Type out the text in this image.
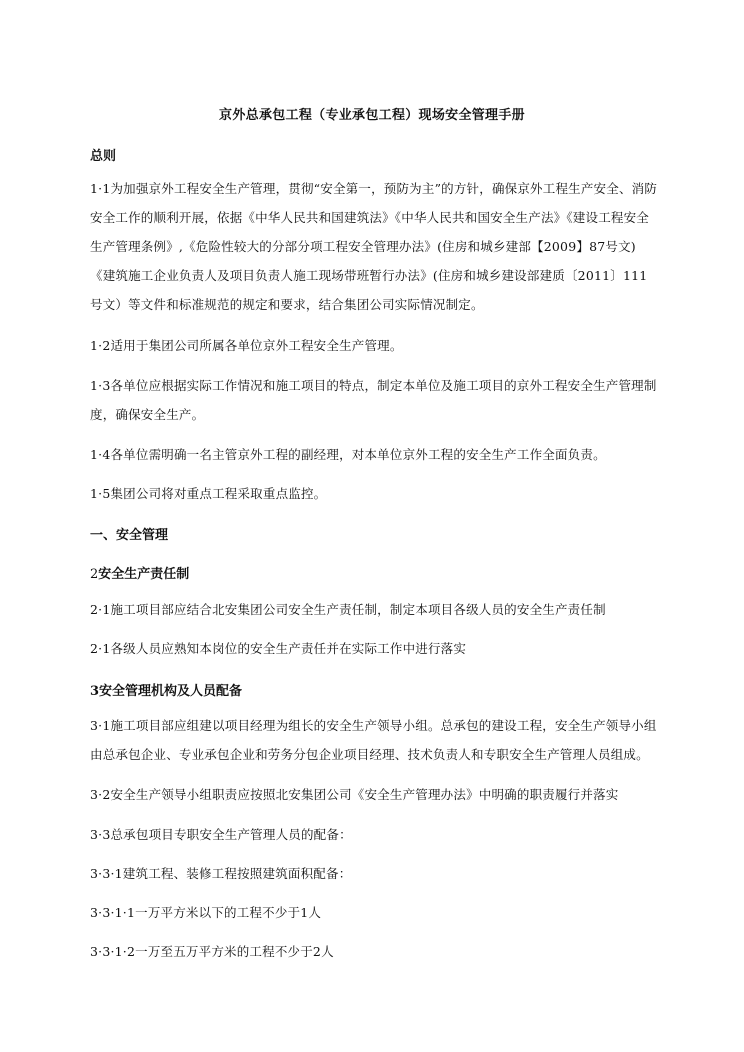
京外总承包工程（专业承包工程）现场安全管理手册
总则
1·1为加强京外工程安全生产管理，贯彻“安全第一，预防为主”的方针，确保京外工程生产安全、消防安全工作的顺利开展，依据《中华人民共和国建筑法》《中华人民共和国安全生产法》《建设工程安全生产管理条例》,《危险性较大的分部分项工程安全管理办法》(住房和城乡建部【2009】87号文)《建筑施工企业负责人及项目负责人施工现场带班暂行办法》(住房和城乡建设部建质〔2011〕111号文）等文件和标准规范的规定和要求，结合集团公司实际情况制定。
1·2适用于集团公司所属各单位京外工程安全生产管理。
1·3各单位应根据实际工作情况和施工项目的特点，制定本单位及施工项目的京外工程安全生产管理制度，确保安全生产。
1·4各单位需明确一名主管京外工程的副经理，对本单位京外工程的安全生产工作全面负责。
1·5集团公司将对重点工程采取重点监控。
一、安全管理
2安全生产责任制
2·1施工项目部应结合北安集团公司安全生产责任制，制定本项目各级人员的安全生产责任制
2·1各级人员应熟知本岗位的安全生产责任并在实际工作中进行落实
3安全管理机构及人员配备
3·1施工项目部应组建以项目经理为组长的安全生产领导小组。总承包的建设工程，安全生产领导小组由总承包企业、专业承包企业和劳务分包企业项目经理、技术负责人和专职安全生产管理人员组成。
3·2安全生产领导小组职责应按照北安集团公司《安全生产管理办法》中明确的职责履行并落实
3·3总承包项目专职安全生产管理人员的配备：
3·3·1建筑工程、装修工程按照建筑面积配备：
3·3·1·1一万平方米以下的工程不少于1人
3·3·1·2一万至五万平方米的工程不少于2人
